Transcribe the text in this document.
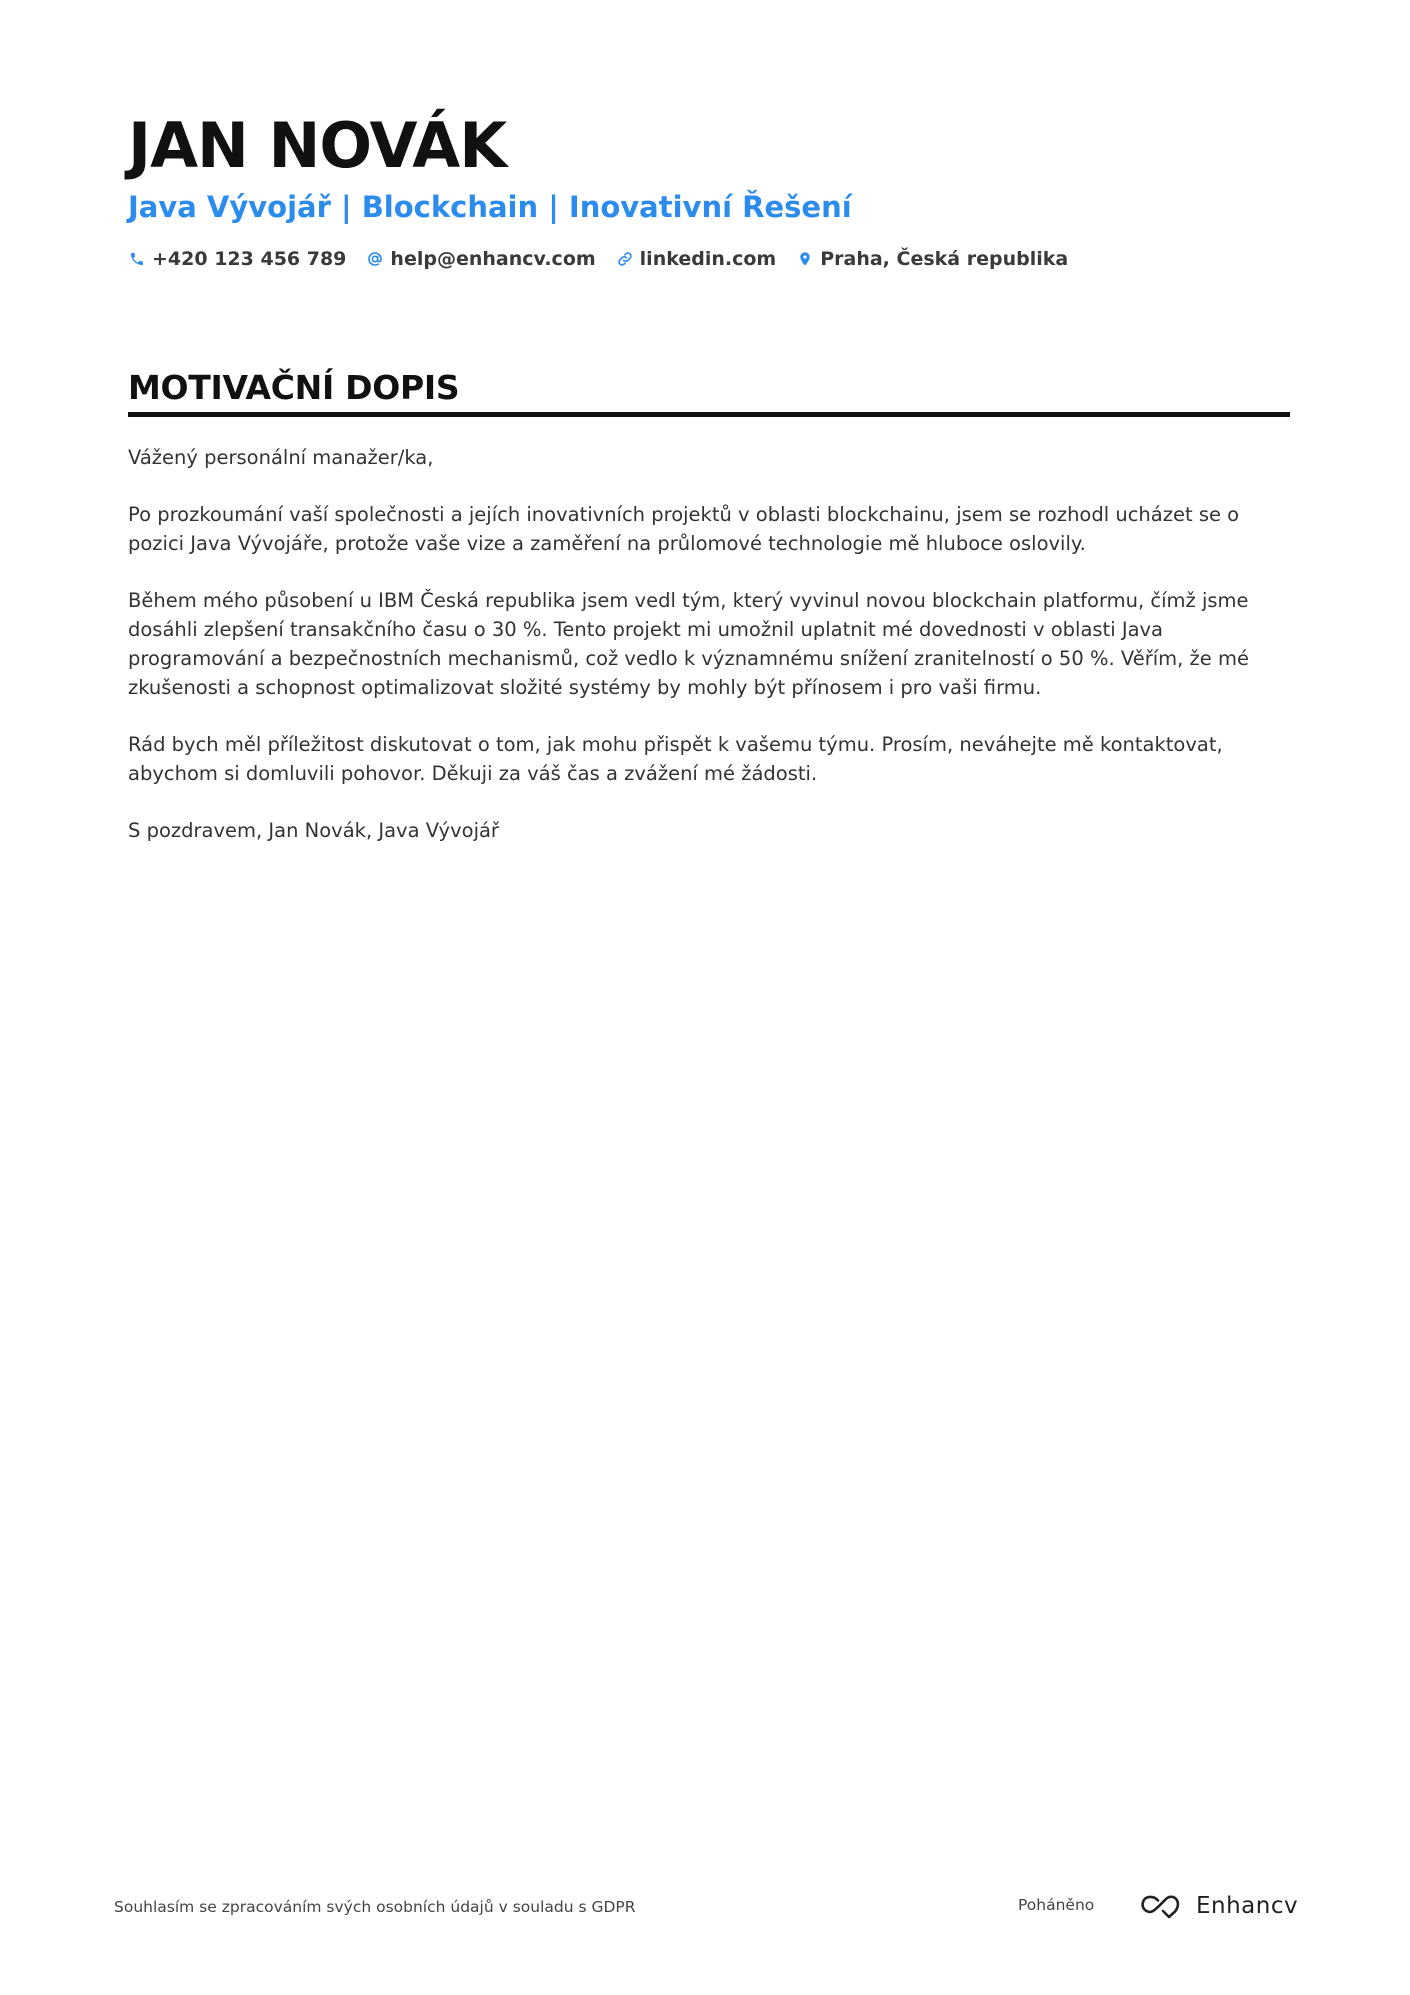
JAN NOVÁK
Java Vývojář | Blockchain | Inovativní Řešení
+420 123 456 789 help@enhancv.com linkedin.com Praha, Česká republika
MOTIVAČNÍ DOPIS

Vážený personální manažer/ka,

Po prozkoumání vaší společnosti a jejích inovativních projektů v oblasti blockchainu, jsem se rozhodl ucházet se o pozici Java Vývojáře, protože vaše vize a zaměření na průlomové technologie mě hluboce oslovily.

Během mého působení u IBM Česká republika jsem vedl tým, který vyvinul novou blockchain platformu, čímž jsme dosáhli zlepšení transakčního času o 30 %. Tento projekt mi umožnil uplatnit mé dovednosti v oblasti Java programování a bezpečnostních mechanismů, což vedlo k významnému snížení zranitelností o 50 %. Věřím, že mé zkušenosti a schopnost optimalizovat složité systémy by mohly být přínosem i pro vaši firmu.

Rád bych měl příležitost diskutovat o tom, jak mohu přispět k vašemu týmu. Prosím, neváhejte mě kontaktovat, abychom si domluvili pohovor. Děkuji za váš čas a zvážení mé žádosti.

S pozdravem, Jan Novák, Java Vývojář

Souhlasím se zpracováním svých osobních údajů v souladu s GDPR	Poháněno	Enhancv
